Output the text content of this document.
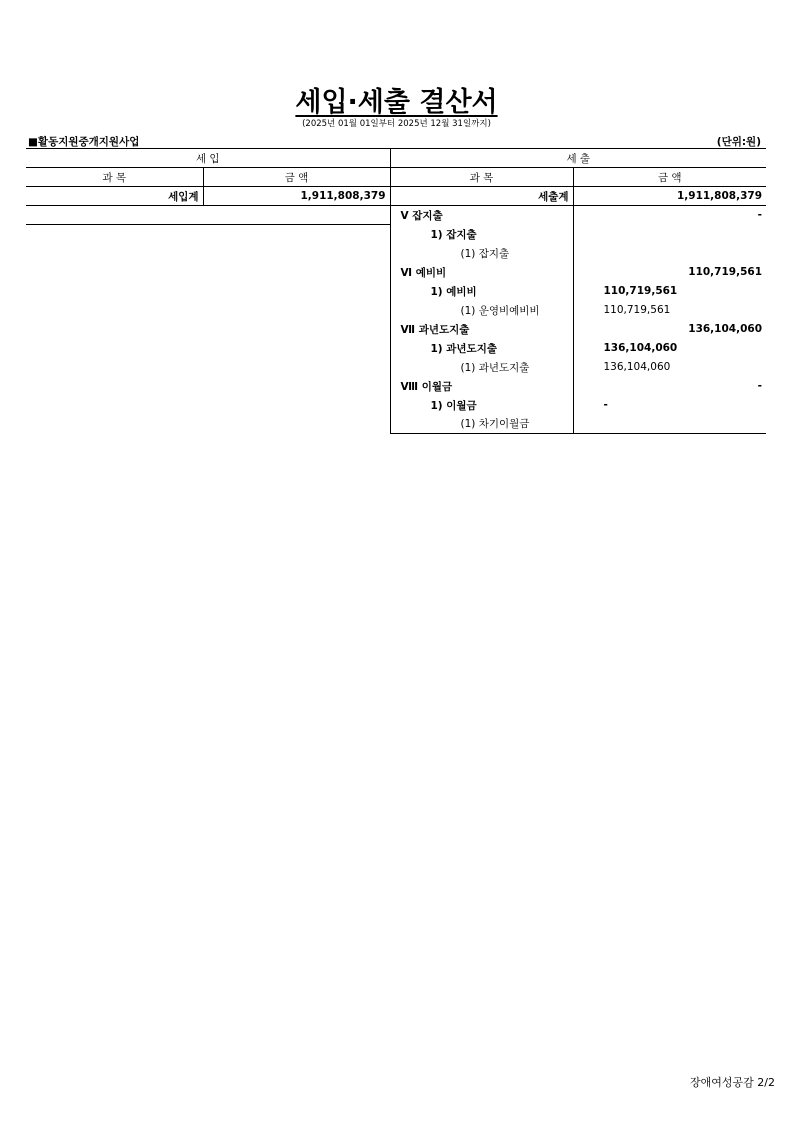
세입·세출 결산서
(2025년 01월 01일부터 2025년 12월 31일까지)
■활동지원중개지원사업	(단위:원)
세 입		세 출	
과 목	금 액	과 목	금 액
세입계	1,911,808,379	세출계	1,911,808,379
		Ⅴ 잡지출	-
		1) 잡지출	
		(1) 잡지출	
		Ⅵ 예비비	110,719,561
		1) 예비비	110,719,561
		(1) 운영비예비비	110,719,561
		Ⅶ 과년도지출	136,104,060
		1) 과년도지출	136,104,060
		(1) 과년도지출	136,104,060
		Ⅷ 이월금	-
		1) 이월금	-
		(1) 차기이월금	
장애여성공감 2/2
